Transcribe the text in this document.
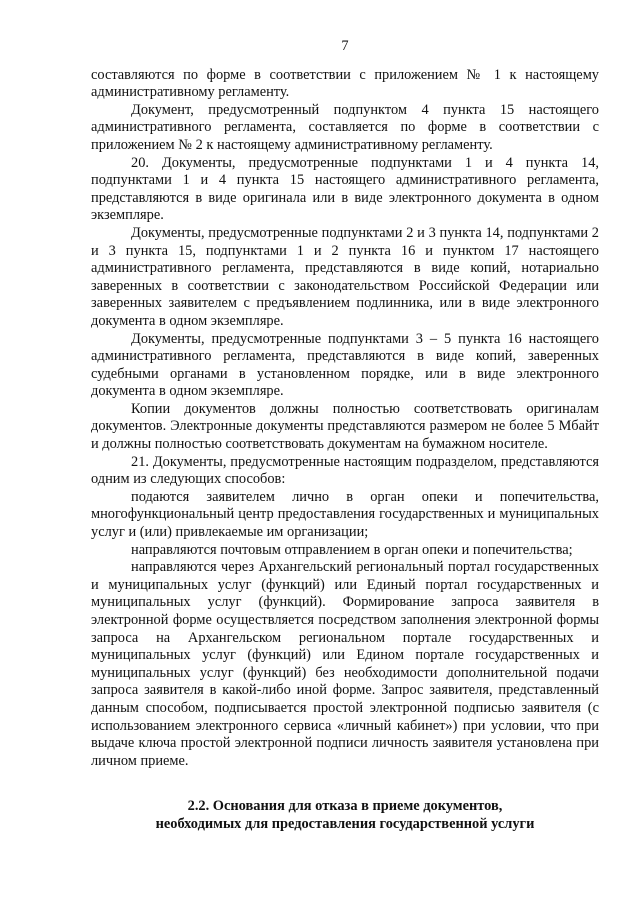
7

составляются по форме в соответствии с приложением № 1 к настоящему административному регламенту.

Документ, предусмотренный подпунктом 4 пункта 15 настоящего административного регламента, составляется по форме в соответствии с приложением № 2 к настоящему административному регламенту.

20. Документы, предусмотренные подпунктами 1 и 4 пункта 14, подпунктами 1 и 4 пункта 15 настоящего административного регламента, представляются в виде оригинала или в виде электронного документа в одном экземпляре.

Документы, предусмотренные подпунктами 2 и 3 пункта 14, подпунктами 2 и 3 пункта 15, подпунктами 1 и 2 пункта 16 и пунктом 17 настоящего административного регламента, представляются в виде копий, нотариально заверенных в соответствии с законодательством Российской Федерации или заверенных заявителем с предъявлением подлинника, или в виде электронного документа в одном экземпляре.

Документы, предусмотренные подпунктами 3 – 5 пункта 16 настоящего административного регламента, представляются в виде копий, заверенных судебными органами в установленном порядке, или в виде электронного документа в одном экземпляре.

Копии документов должны полностью соответствовать оригиналам документов. Электронные документы представляются размером не более 5 Мбайт и должны полностью соответствовать документам на бумажном носителе.

21. Документы, предусмотренные настоящим подразделом, представляются одним из следующих способов:

подаются заявителем лично в орган опеки и попечительства, многофункциональный центр предоставления государственных и муниципальных услуг и (или) привлекаемые им организации;

направляются почтовым отправлением в орган опеки и попечительства;

направляются через Архангельский региональный портал государственных и муниципальных услуг (функций) или Единый портал государственных и муниципальных услуг (функций). Формирование запроса заявителя в электронной форме осуществляется посредством заполнения электронной формы запроса на Архангельском региональном портале государственных и муниципальных услуг (функций) или Едином портале государственных и муниципальных услуг (функций) без необходимости дополнительной подачи запроса заявителя в какой-либо иной форме. Запрос заявителя, представленный данным способом, подписывается простой электронной подписью заявителя (с использованием электронного сервиса «личный кабинет») при условии, что при выдаче ключа простой электронной подписи личность заявителя установлена при личном приеме.

2.2. Основания для отказа в приеме документов,
необходимых для предоставления государственной услуги
